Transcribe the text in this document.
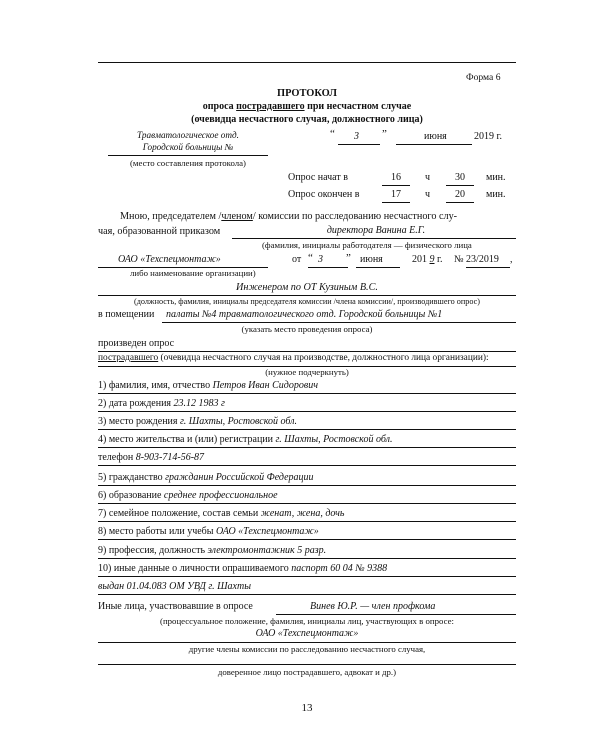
Форма 6
ПРОТОКОЛ
опроса пострадавшего при несчастном случае
(очевидца несчастного случая, должностного лица)
Травматологическое отд.
Городской больницы №
(место составления протокола)
“ 3 ”	июня	2019 г.
Опрос начат в	16	ч	30	мин.
Опрос окончен в	17	ч	20	мин.
Мною, председателем /членом/ комиссии по расследованию несчастного слу-
чая, образованной приказом	директора Ванина Е.Г.
(фамилия, инициалы работодателя — физического лица
ОАО «Техспецмонтаж»	от “ 3 ” июня	201 9 г. № 23/2019 ,
либо наименование организации)
Инженером по ОТ Кузиным В.С.
(должность, фамилия, инициалы председателя комиссии /члена комиссии/, производившего опрос)
в помещении палаты №4 травматологического отд. Городской больницы №1
(указать место проведения опроса)
произведен опрос
пострадавшего (очевидца несчастного случая на производстве, должностного лица организации):
(нужное подчеркнуть)
1) фамилия, имя, отчество Петров Иван Сидорович
2) дата рождения 23.12 1983 г
3) место рождения г. Шахты, Ростовской обл.
4) место жительства и (или) регистрации г. Шахты, Ростовской обл.
телефон 8-903-714-56-87
5) гражданство гражданин Российской Федерации
6) образование среднее профессиональное
7) семейное положение, состав семьи женат, жена, дочь
8) место работы или учебы ОАО «Техспецмонтаж»
9) профессия, должность электромонтажник 5 разр.
10) иные данные о личности опрашиваемого паспорт 60 04 № 9388
выдан 01.04.083 ОМ УВД г. Шахты
Иные лица, участвовавшие в опросе	Винев Ю.Р. — член профкома
(процессуальное положение, фамилия, инициалы лиц, участвующих в опросе:
ОАО «Техспецмонтаж»
другие члены комиссии по расследованию несчастного случая,
доверенное лицо пострадавшего, адвокат и др.)
13
